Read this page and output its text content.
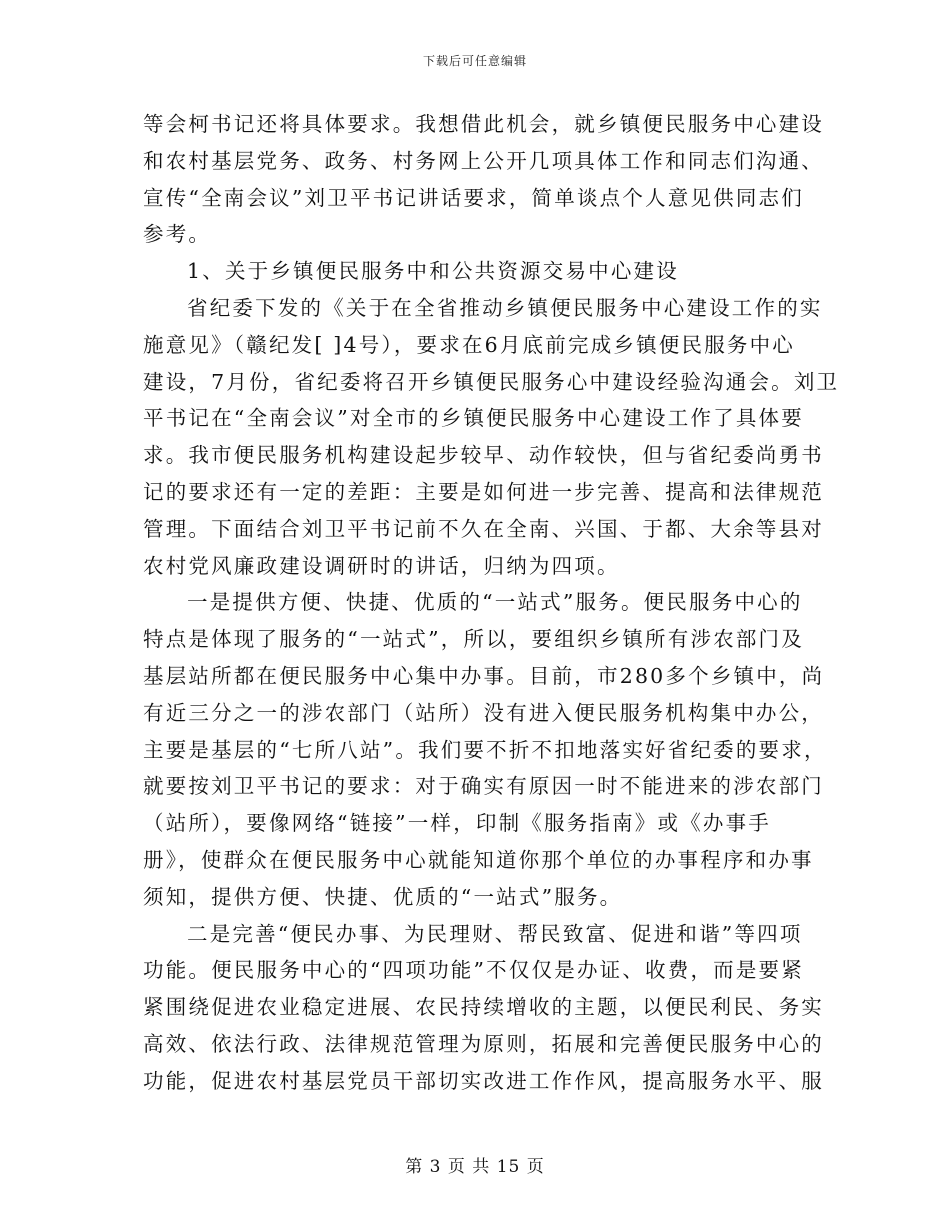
下载后可任意编辑
等会柯书记还将具体要求。我想借此机会，就乡镇便民服务中心建设
和农村基层党务、政务、村务网上公开几项具体工作和同志们沟通、
宣传“全南会议”刘卫平书记讲话要求，简单谈点个人意见供同志们
参考。
1、关于乡镇便民服务中和公共资源交易中心建设
省纪委下发的《关于在全省推动乡镇便民服务中心建设工作的实
施意见》（赣纪发[ ]4号），要求在6月底前完成乡镇便民服务中心
建设，7月份，省纪委将召开乡镇便民服务心中建设经验沟通会。刘卫
平书记在“全南会议”对全市的乡镇便民服务中心建设工作了具体要
求。我市便民服务机构建设起步较早、动作较快，但与省纪委尚勇书
记的要求还有一定的差距：主要是如何进一步完善、提高和法律规范
管理。下面结合刘卫平书记前不久在全南、兴国、于都、大余等县对
农村党风廉政建设调研时的讲话，归纳为四项。
一是提供方便、快捷、优质的“一站式”服务。便民服务中心的
特点是体现了服务的“一站式”，所以，要组织乡镇所有涉农部门及
基层站所都在便民服务中心集中办事。目前，市280多个乡镇中，尚
有近三分之一的涉农部门（站所）没有进入便民服务机构集中办公，
主要是基层的“七所八站”。我们要不折不扣地落实好省纪委的要求，
就要按刘卫平书记的要求：对于确实有原因一时不能进来的涉农部门
（站所），要像网络“链接”一样，印制《服务指南》或《办事手
册》，使群众在便民服务中心就能知道你那个单位的办事程序和办事
须知，提供方便、快捷、优质的“一站式”服务。
二是完善“便民办事、为民理财、帮民致富、促进和谐”等四项
功能。便民服务中心的“四项功能”不仅仅是办证、收费，而是要紧
紧围绕促进农业稳定进展、农民持续增收的主题，以便民利民、务实
高效、依法行政、法律规范管理为原则，拓展和完善便民服务中心的
功能，促进农村基层党员干部切实改进工作作风，提高服务水平、服
第 3 页 共 15 页
